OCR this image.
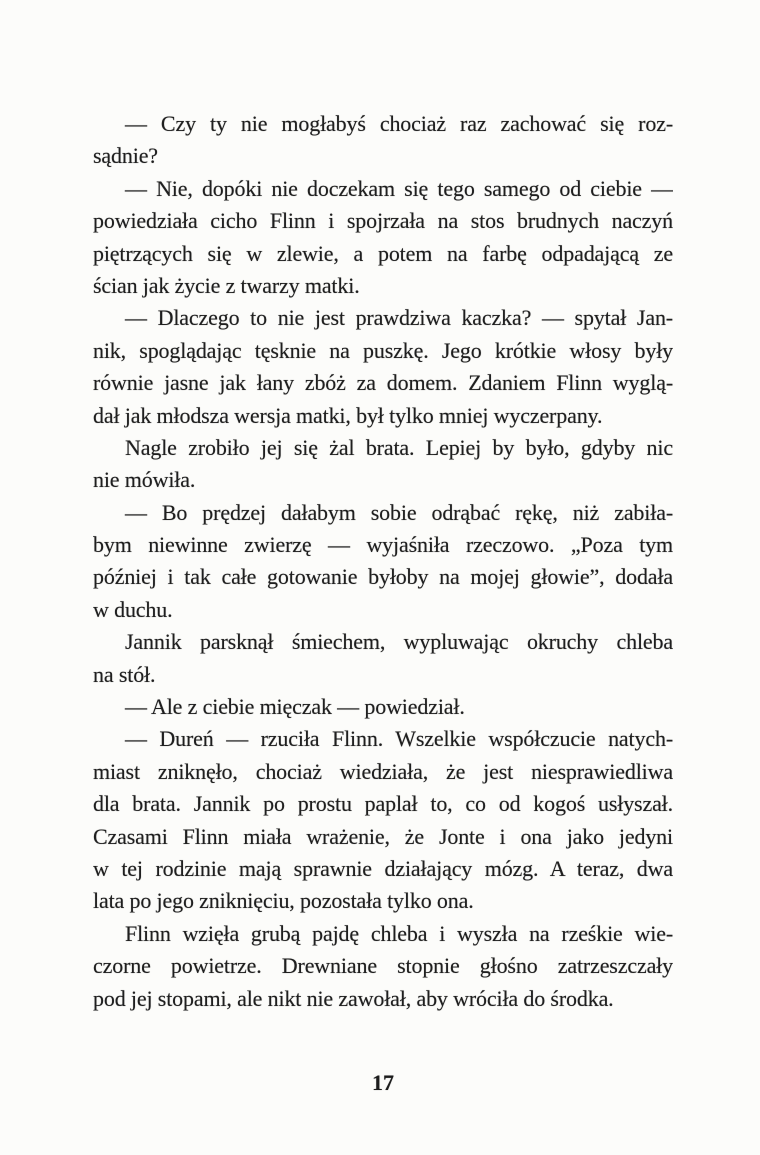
— Czy ty nie mogłabyś chociaż raz zachować się roz-
sądnie?
— Nie, dopóki nie doczekam się tego samego od ciebie —
powiedziała cicho Flinn i spojrzała na stos brudnych naczyń
piętrzących się w zlewie, a potem na farbę odpadającą ze
ścian jak życie z twarzy matki.
— Dlaczego to nie jest prawdziwa kaczka? — spytał Jan-
nik, spoglądając tęsknie na puszkę. Jego krótkie włosy były
równie jasne jak łany zbóż za domem. Zdaniem Flinn wyglą-
dał jak młodsza wersja matki, był tylko mniej wyczerpany.
Nagle zrobiło jej się żal brata. Lepiej by było, gdyby nic
nie mówiła.
— Bo prędzej dałabym sobie odrąbać rękę, niż zabiła-
bym niewinne zwierzę — wyjaśniła rzeczowo. „Poza tym
później i tak całe gotowanie byłoby na mojej głowie”, dodała
w duchu.
Jannik parsknął śmiechem, wypluwając okruchy chleba
na stół.
— Ale z ciebie mięczak — powiedział.
— Dureń — rzuciła Flinn. Wszelkie współczucie natych-
miast zniknęło, chociaż wiedziała, że jest niesprawiedliwa
dla brata. Jannik po prostu paplał to, co od kogoś usłyszał.
Czasami Flinn miała wrażenie, że Jonte i ona jako jedyni
w tej rodzinie mają sprawnie działający mózg. A teraz, dwa
lata po jego zniknięciu, pozostała tylko ona.
Flinn wzięła grubą pajdę chleba i wyszła na rześkie wie-
czorne powietrze. Drewniane stopnie głośno zatrzeszczały
pod jej stopami, ale nikt nie zawołał, aby wróciła do środka.
17
